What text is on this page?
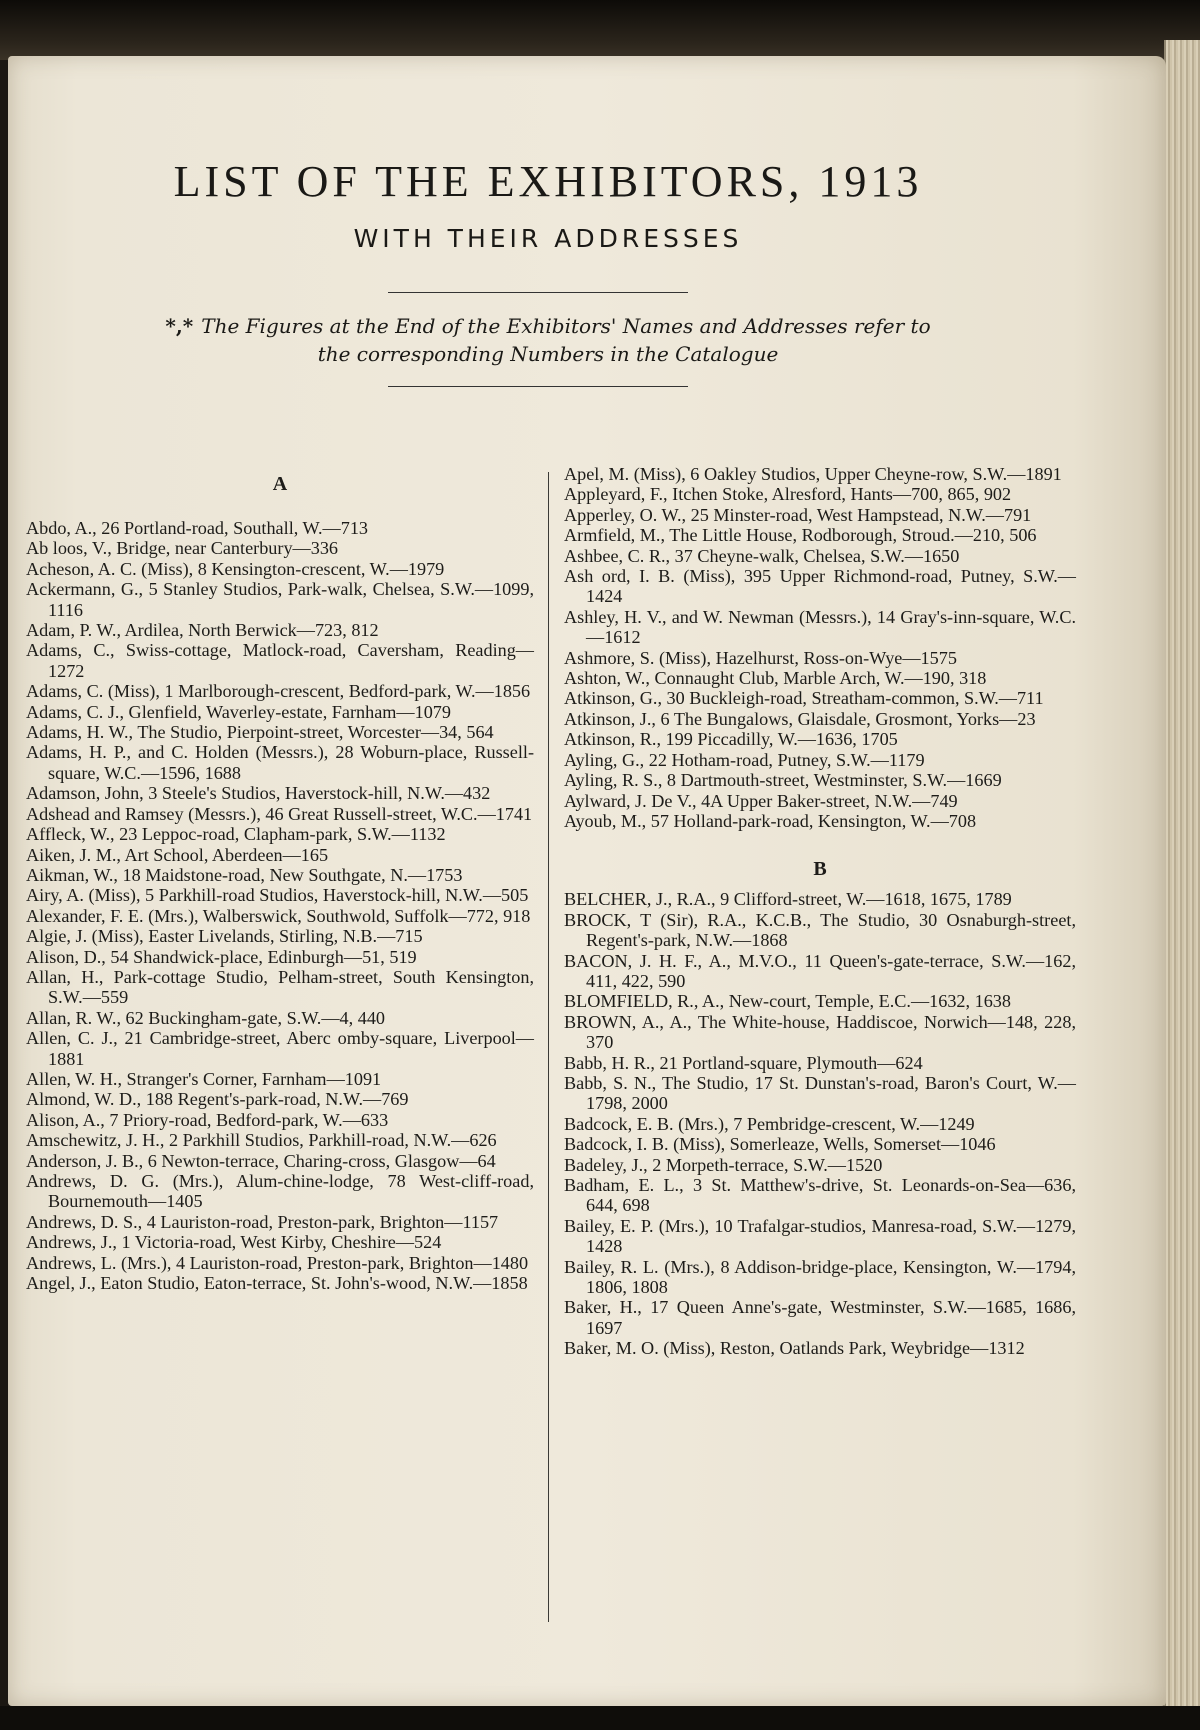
LIST OF THE EXHIBITORS, 1913
WITH THEIR ADDRESSES
*,* The Figures at the End of the Exhibitors' Names and Addresses refer to
the corresponding Numbers in the Catalogue
A

Abdo, A., 26 Portland-road, Southall, W.—713

Ab loos, V., Bridge, near Canterbury—336

Acheson, A. C. (Miss), 8 Kensington-crescent, W.—1979

Ackermann, G., 5 Stanley Studios, Park-walk, Chelsea, S.W.—1099, 1116

Adam, P. W., Ardilea, North Berwick—723, 812

Adams, C., Swiss-cottage, Matlock-road, Caversham, Reading—1272

Adams, C. (Miss), 1 Marlborough-crescent, Bedford-park, W.—1856

Adams, C. J., Glenfield, Waverley-estate, Farnham—1079

Adams, H. W., The Studio, Pierpoint-street, Worcester—34, 564

Adams, H. P., and C. Holden (Messrs.), 28 Woburn-place, Russell-square, W.C.—1596, 1688

Adamson, John, 3 Steele's Studios, Haverstock-hill, N.W.—432

Adshead and Ramsey (Messrs.), 46 Great Russell-street, W.C.—1741

Affleck, W., 23 Leppoc-road, Clapham-park, S.W.—1132

Aiken, J. M., Art School, Aberdeen—165

Aikman, W., 18 Maidstone-road, New Southgate, N.—1753

Airy, A. (Miss), 5 Parkhill-road Studios, Haverstock-hill, N.W.—505

Alexander, F. E. (Mrs.), Walberswick, Southwold, Suffolk—772, 918

Algie, J. (Miss), Easter Livelands, Stirling, N.B.—715

Alison, D., 54 Shandwick-place, Edinburgh—51, 519

Allan, H., Park-cottage Studio, Pelham-street, South Kensington, S.W.—559

Allan, R. W., 62 Buckingham-gate, S.W.—4, 440

Allen, C. J., 21 Cambridge-street, Aberc omby-square, Liverpool—1881

Allen, W. H., Stranger's Corner, Farnham—1091

Almond, W. D., 188 Regent's-park-road, N.W.—769

Alison, A., 7 Priory-road, Bedford-park, W.—633

Amschewitz, J. H., 2 Parkhill Studios, Parkhill-road, N.W.—626

Anderson, J. B., 6 Newton-terrace, Charing-cross, Glasgow—64

Andrews, D. G. (Mrs.), Alum-chine-lodge, 78 West-cliff-road, Bournemouth—1405

Andrews, D. S., 4 Lauriston-road, Preston-park, Brighton—1157

Andrews, J., 1 Victoria-road, West Kirby, Cheshire—524

Andrews, L. (Mrs.), 4 Lauriston-road, Preston-park, Brighton—1480

Angel, J., Eaton Studio, Eaton-terrace, St. John's-wood, N.W.—1858

Apel, M. (Miss), 6 Oakley Studios, Upper Cheyne-row, S.W.—1891

Appleyard, F., Itchen Stoke, Alresford, Hants—700, 865, 902

Apperley, O. W., 25 Minster-road, West Hampstead, N.W.—791

Armfield, M., The Little House, Rodborough, Stroud.—210, 506

Ashbee, C. R., 37 Cheyne-walk, Chelsea, S.W.—1650

Ash ord, I. B. (Miss), 395 Upper Richmond-road, Putney, S.W.—1424

Ashley, H. V., and W. Newman (Messrs.), 14 Gray's-inn-square, W.C.—1612

Ashmore, S. (Miss), Hazelhurst, Ross-on-Wye—1575

Ashton, W., Connaught Club, Marble Arch, W.—190, 318

Atkinson, G., 30 Buckleigh-road, Streatham-common, S.W.—711

Atkinson, J., 6 The Bungalows, Glaisdale, Grosmont, Yorks—23

Atkinson, R., 199 Piccadilly, W.—1636, 1705

Ayling, G., 22 Hotham-road, Putney, S.W.—1179

Ayling, R. S., 8 Dartmouth-street, Westminster, S.W.—1669

Aylward, J. De V., 4A Upper Baker-street, N.W.—749

Ayoub, M., 57 Holland-park-road, Kensington, W.—708

B

BELCHER, J., R.A., 9 Clifford-street, W.—1618, 1675, 1789

BROCK, T (Sir), R.A., K.C.B., The Studio, 30 Osnaburgh-street, Regent's-park, N.W.—1868

BACON, J. H. F., A., M.V.O., 11 Queen's-gate-terrace, S.W.—162, 411, 422, 590

BLOMFIELD, R., A., New-court, Temple, E.C.—1632, 1638

BROWN, A., A., The White-house, Haddiscoe, Norwich—148, 228, 370

Babb, H. R., 21 Portland-square, Plymouth—624

Babb, S. N., The Studio, 17 St. Dunstan's-road, Baron's Court, W.—1798, 2000

Badcock, E. B. (Mrs.), 7 Pembridge-crescent, W.—1249

Badcock, I. B. (Miss), Somerleaze, Wells, Somerset—1046

Badeley, J., 2 Morpeth-terrace, S.W.—1520

Badham, E. L., 3 St. Matthew's-drive, St. Leonards-on-Sea—636, 644, 698

Bailey, E. P. (Mrs.), 10 Trafalgar-studios, Manresa-road, S.W.—1279, 1428

Bailey, R. L. (Mrs.), 8 Addison-bridge-place, Kensington, W.—1794, 1806, 1808

Baker, H., 17 Queen Anne's-gate, Westminster, S.W.—1685, 1686, 1697

Baker, M. O. (Miss), Reston, Oatlands Park, Weybridge—1312
